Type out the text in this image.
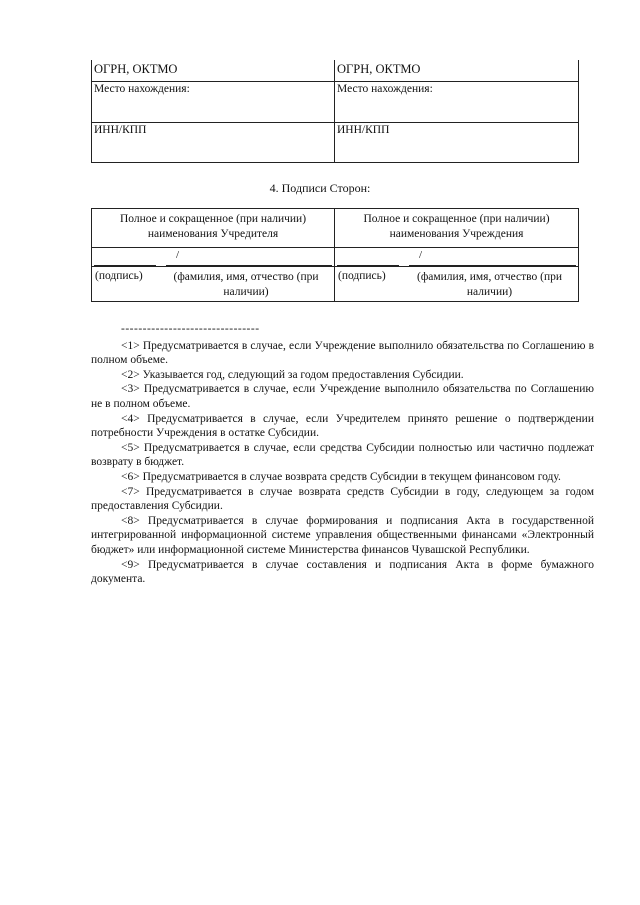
ОГРН, ОКТМО	ОГРН, ОКТМО
Место нахождения:	Место нахождения:
ИНН/КПП	ИНН/КПП
4. Подписи Сторон:
Полное и сокращенное (при наличии) наименования Учредителя	Полное и сокращенное (при наличии) наименования Учреждения

/	/

(подпись) (фамилия, имя, отчество (при наличии)	(подпись) (фамилия, имя, отчество (при наличии)
--------------------------------

<1> Предусматривается в случае, если Учреждение выполнило обязательства по Соглашению в полном объеме.

<2> Указывается год, следующий за годом предоставления Субсидии.

<3> Предусматривается в случае, если Учреждение выполнило обязательства по Соглашению не в полном объеме.

<4> Предусматривается в случае, если Учредителем принято решение о подтверждении потребности Учреждения в остатке Субсидии.

<5> Предусматривается в случае, если средства Субсидии полностью или частично подлежат возврату в бюджет.

<6> Предусматривается в случае возврата средств Субсидии в текущем финансовом году.

<7> Предусматривается в случае возврата средств Субсидии в году, следующем за годом предоставления Субсидии.

<8> Предусматривается в случае формирования и подписания Акта в государственной интегрированной информационной системе управления общественными финансами «Электронный бюджет» или информационной системе Министерства финансов Чувашской Республики.

<9> Предусматривается в случае составления и подписания Акта в форме бумажного документа.
